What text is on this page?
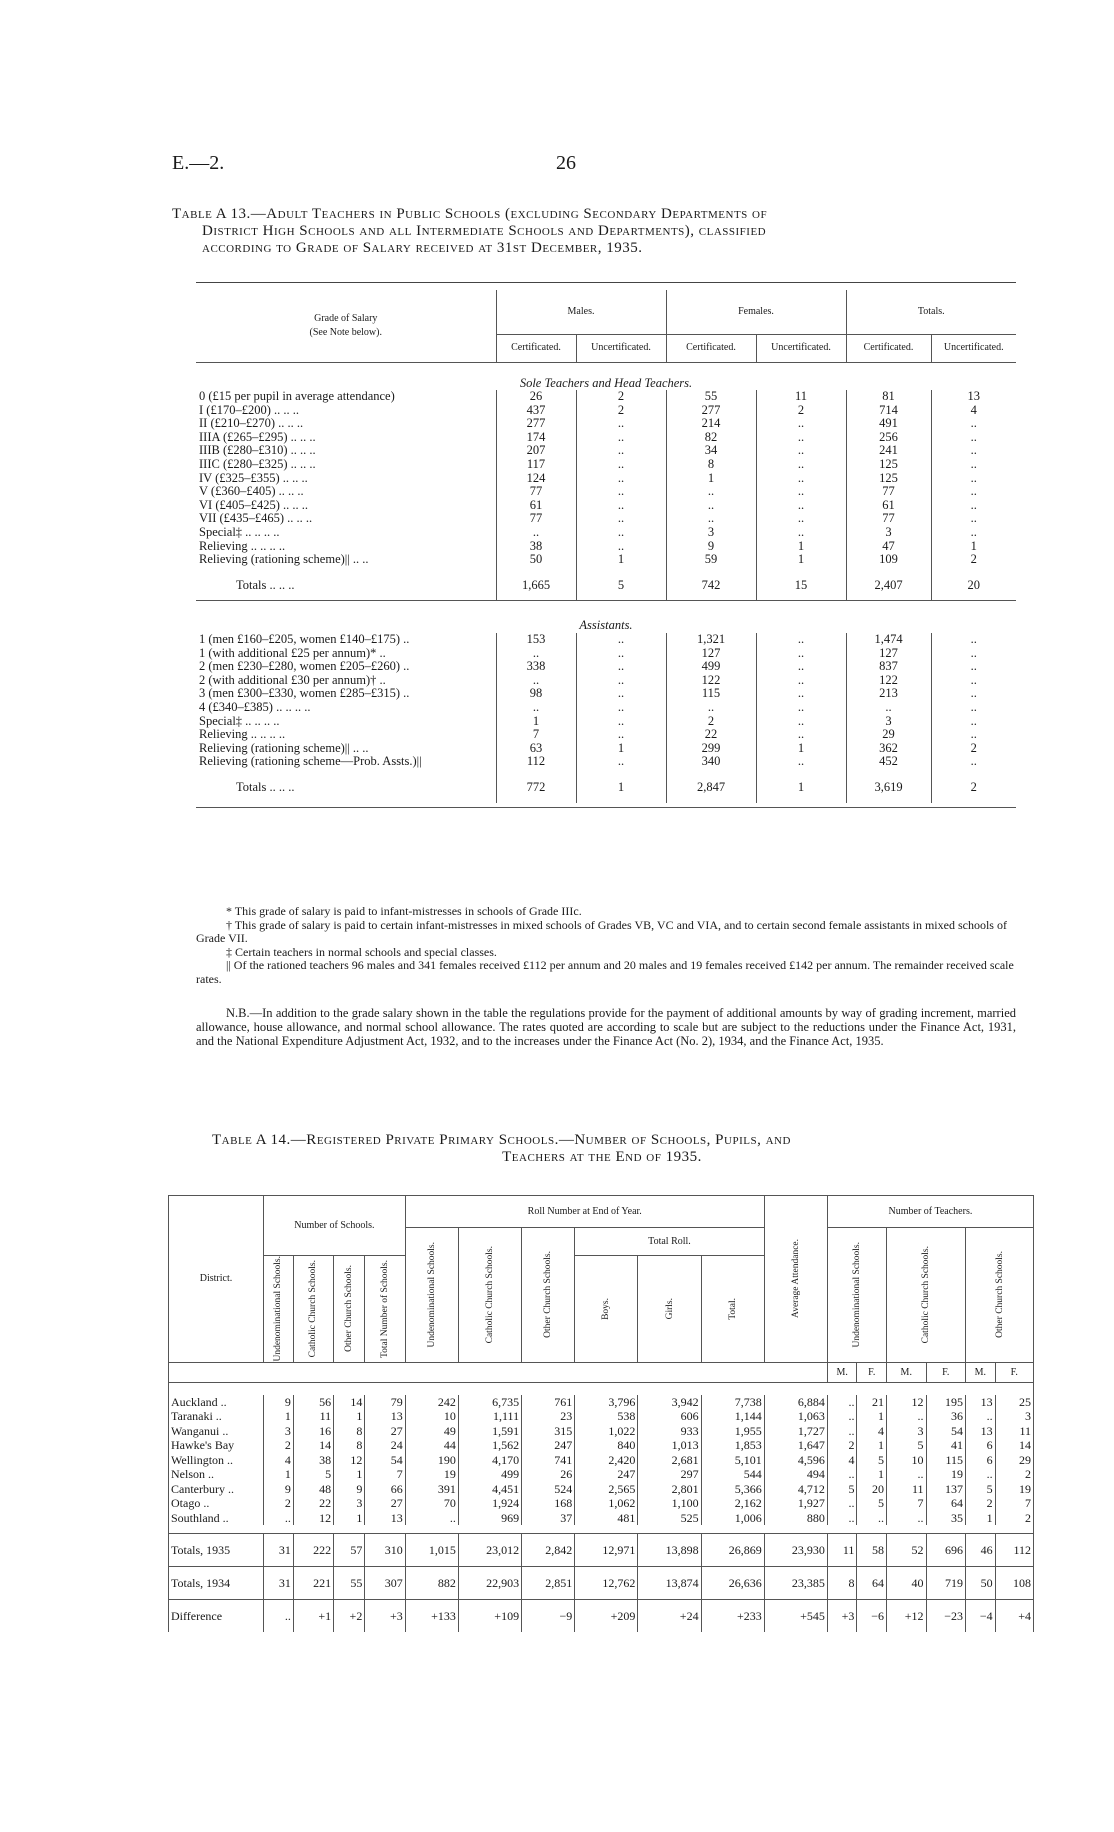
E.—2.	26
Table A 13.—Adult Teachers in Public Schools (excluding Secondary Departments of
District High Schools and all Intermediate Schools and Departments), classified
according to Grade of Salary received at 31st December, 1935.
Grade of Salary
(See Note below).	Males.		Females.		Totals.	
	Certificated.	Uncertificated.	Certificated.	Uncertificated.	Certificated.	Uncertificated.

Sole Teachers and Head Teachers.						
0 (£15 per pupil in average attendance)	26	2	55	11	81	13
I (£170–£200) .. .. ..	437	2	277	2	714	4
II (£210–£270) .. .. ..	277	..	214	..	491	..
IIIA (£265–£295) .. .. ..	174	..	82	..	256	..
IIIB (£280–£310) .. .. ..	207	..	34	..	241	..
IIIC (£280–£325) .. .. ..	117	..	8	..	125	..
IV (£325–£355) .. .. ..	124	..	1	..	125	..
V (£360–£405) .. .. ..	77	..	..	..	77	..
VI (£405–£425) .. .. ..	61	..	..	..	61	..
VII (£435–£465) .. .. ..	77	..	..	..	77	..
Special‡ .. .. .. ..	..	..	3	..	3	..
Relieving .. .. .. ..	38	..	9	1	47	1
Relieving (rationing scheme)|| .. ..	50	1	59	1	109	2
Totals .. .. ..	1,665	5	742	15	2,407	20

Assistants.						
1 (men £160–£205, women £140–£175) ..	153	..	1,321	..	1,474	..
1 (with additional £25 per annum)* ..	..	..	127	..	127	..
2 (men £230–£280, women £205–£260) ..	338	..	499	..	837	..
2 (with additional £30 per annum)† ..	..	..	122	..	122	..
3 (men £300–£330, women £285–£315) ..	98	..	115	..	213	..
4 (£340–£385) .. .. .. ..	..	..	..	..	..	..
Special‡ .. .. .. ..	1	..	2	..	3	..
Relieving .. .. .. ..	7	..	22	..	29	..
Relieving (rationing scheme)|| .. ..	63	1	299	1	362	2
Relieving (rationing scheme—Prob. Assts.)||	112	..	340	..	452	..
Totals .. .. ..	772	1	2,847	1	3,619	2

* This grade of salary is paid to infant-mistresses in schools of Grade IIIc.

† This grade of salary is paid to certain infant-mistresses in mixed schools of Grades VB, VC and VIA, and to certain second female assistants in mixed schools of Grade VII.

‡ Certain teachers in normal schools and special classes.

|| Of the rationed teachers 96 males and 341 females received £112 per annum and 20 males and 19 females received £142 per annum. The remainder received scale rates.

N.B.—In addition to the grade salary shown in the table the regulations provide for the payment of additional amounts by way of grading increment, married allowance, house allowance, and normal school allowance. The rates quoted are according to scale but are subject to the reductions under the Finance Act, 1931, and the National Expenditure Adjustment Act, 1932, and to the increases under the Finance Act (No. 2), 1934, and the Finance Act, 1935.
Table A 14.—Registered Private Primary Schools.—Number of Schools, Pupils, and
Teachers at the End of 1935.
District.	Number of Schools.				Roll Number at End of Year.						Average Attendance.	Number of Teachers.					

					Undenominational Schools.	Catholic Church Schools.	Other Church Schools.	Total Roll.				Undenominational Schools.		Catholic Church Schools.		Other Church Schools.	

	Undenominational Schools.	Catholic Church Schools.	Other Church Schools.	Total Number of Schools.				Boys.	Girls.	Total.							

												M.	F.	M.	F.	M.	F.

Auckland ..	9	56	14	79	242	6,735	761	3,796	3,942	7,738	6,884	..	21	12	195	13	25
Taranaki ..	1	11	1	13	10	1,111	23	538	606	1,144	1,063	..	1	..	36	..	3
Wanganui ..	3	16	8	27	49	1,591	315	1,022	933	1,955	1,727	..	4	3	54	13	11
Hawke's Bay	2	14	8	24	44	1,562	247	840	1,013	1,853	1,647	2	1	5	41	6	14
Wellington ..	4	38	12	54	190	4,170	741	2,420	2,681	5,101	4,596	4	5	10	115	6	29
Nelson ..	1	5	1	7	19	499	26	247	297	544	494	..	1	..	19	..	2
Canterbury ..	9	48	9	66	391	4,451	524	2,565	2,801	5,366	4,712	5	20	11	137	5	19
Otago ..	2	22	3	27	70	1,924	168	1,062	1,100	2,162	1,927	..	5	7	64	2	7
Southland ..	..	12	1	13	..	969	37	481	525	1,006	880	..	..	..	35	1	2

Totals, 1935	31	222	57	310	1,015	23,012	2,842	12,971	13,898	26,869	23,930	11	58	52	696	46	112
Totals, 1934	31	221	55	307	882	22,903	2,851	12,762	13,874	26,636	23,385	8	64	40	719	50	108
Difference	..	+1	+2	+3	+133	+109	−9	+209	+24	+233	+545	+3	−6	+12	−23	−4	+4
